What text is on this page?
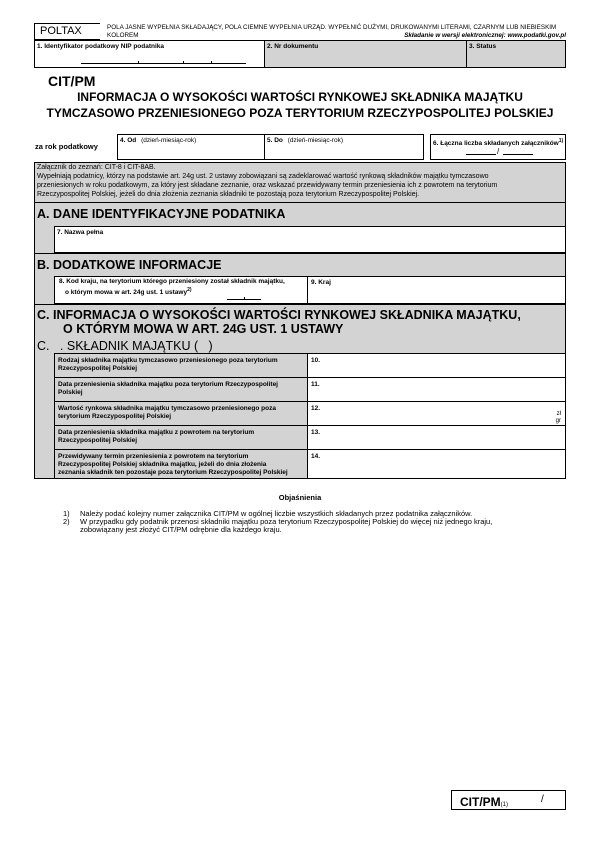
POLTAX	POLA JASNE WYPEŁNIA SKŁADAJĄCY, POLA CIEMNE WYPEŁNIA URZĄD. WYPEŁNIĆ DUŻYMI, DRUKOWANYMI LITERAMI, CZARNYM LUB NIEBIESKIM
KOLOREM	Składanie w wersji elektronicznej: www.podatki.gov.pl
1. Identyfikator podatkowy NIP podatnika	2. Nr dokumentu	3. Status
CIT/PM
INFORMACJA O WYSOKOŚCI WARTOŚCI RYNKOWEJ SKŁADNIKA MAJĄTKU
TYMCZASOWO PRZENIESIONEGO POZA TERYTORIUM RZECZYPOSPOLITEJ POLSKIEJ
za rok podatkowy
4. Od (dzień-miesiąc-rok)	5. Do (dzień-miesiąc-rok)	6. Łączna liczba składanych załączników$^{1)}$
/
Załącznik do zeznań: CIT-8 i CIT-8AB.
Wypełniają podatnicy, którzy na podstawie art. 24g ust. 2 ustawy zobowiązani są zadeklarować wartość rynkową składników majątku tymczasowo
przeniesionych w roku podatkowym, za który jest składane zeznanie, oraz wskazać przewidywany termin przeniesienia ich z powrotem na terytorium
Rzeczypospolitej Polskiej, jeżeli do dnia złożenia zeznania składniki te pozostają poza terytorium Rzeczypospolitej Polskiej.
A. DANE IDENTYFIKACYJNE PODATNIKA
7. Nazwa pełna
B. DODATKOWE INFORMACJE
8. Kod kraju, na terytorium którego przeniesiony został składnik majątku,
o którym mowa w art. 24g ust. 1 ustawy$^{2)}$
9. Kraj
C. INFORMACJA O WYSOKOŚCI WARTOŚCI RYNKOWEJ SKŁADNIKA MAJĄTKU,
O KTÓRYM MOWA W ART. 24G UST. 1 USTAWY
C.   . SKŁADNIK MAJĄTKU (   )
Rodzaj składnika majątku tymczasowo przeniesionego poza terytorium
Rzeczypospolitej Polskiej
10.
Data przeniesienia składnika majątku poza terytorium Rzeczypospolitej
Polskiej
11.
Wartość rynkowa składnika majątku tymczasowo przeniesionego poza
terytorium Rzeczypospolitej Polskiej
12.
zł
gr
Data przeniesienia składnika majątku z powrotem na terytorium
Rzeczypospolitej Polskiej
13.
Przewidywany termin przeniesienia z powrotem na terytorium
Rzeczypospolitej Polskiej składnika majątku, jeżeli do dnia złożenia
zeznania składnik ten pozostaje poza terytorium Rzeczypospolitej Polskiej
14.
Objaśnienia
1) Należy podać kolejny numer załącznika CIT/PM w ogólnej liczbie wszystkich składanych przez podatnika załączników.
2) W przypadku gdy podatnik przenosi składniki majątku poza terytorium Rzeczypospolitej Polskiej do więcej niż jednego kraju,
zobowiązany jest złożyć CIT/PM odrębnie dla każdego kraju.
CIT/PM(1)	/
